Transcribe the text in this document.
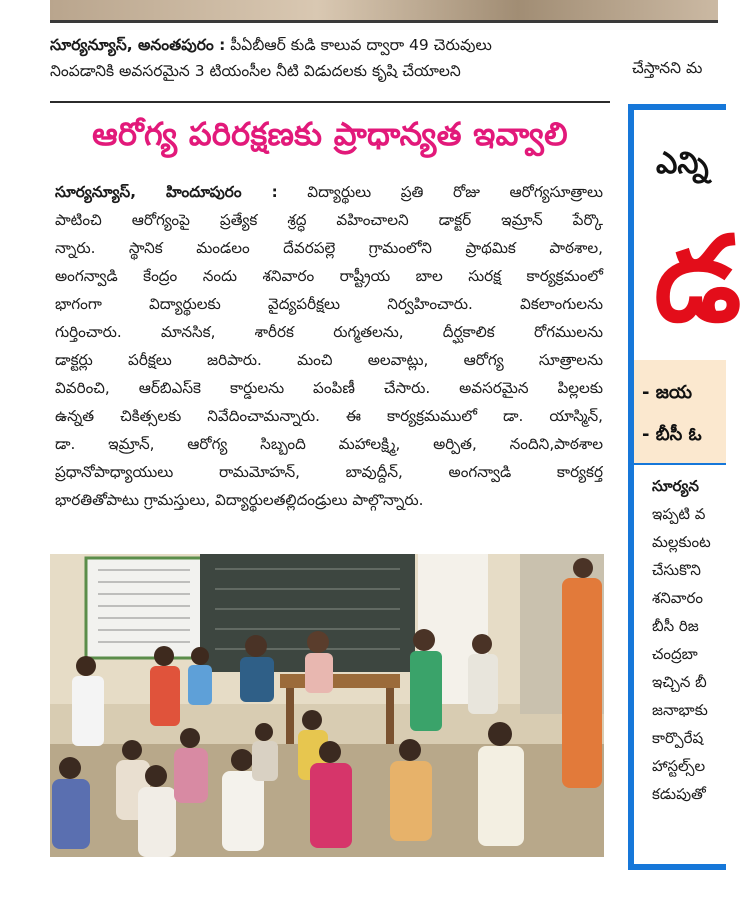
సూర్యన్యూస్, అనంతపురం : పీఏబీఆర్ కుడి కాలువ ద్వారా 49 చెరువులు
నింపడానికి అవసరమైన 3 టియంసీల నీటి విడుదలకు కృషి చేయాలని	చేస్తానని మ
ఆరోగ్య పరిరక్షణకు ప్రాధాన్యత ఇవ్వాలి
సూర్యన్యూస్, హిందూపురం : విద్యార్థులు ప్రతి రోజు ఆరోగ్యసూత్రాలు
పాటించి ఆరోగ్యంపై ప్రత్యేక శ్రద్ధ వహించాలని డాక్టర్ ఇమ్రాన్ పేర్కొ
న్నారు. స్థానిక మండలం దేవరపల్లె గ్రామంలోని ప్రాథమిక పాఠశాల,
అంగన్వాడి కేంద్రం నందు శనివారం రాష్ట్రీయ బాల సురక్ష కార్యక్రమంలో
భాగంగా విద్యార్థులకు వైద్యపరీక్షలు నిర్వహించారు. వికలాంగులను
గుర్తించారు. మానసిక, శారీరక రుగ్మతలను, దీర్ఘకాలిక రోగములను
డాక్టర్లు పరీక్షలు జరిపారు. మంచి అలవాట్లు, ఆరోగ్య సూత్రాలను
వివరించి, ఆర్‌బిఎస్‌కె కార్డులను పంపిణీ చేసారు. అవసరమైన పిల్లలకు
ఉన్నత చికిత్సలకు నివేదించామన్నారు. ఈ కార్యక్రమములో డా. యాస్మిన్,
డా. ఇమ్రాన్, ఆరోగ్య సిబ్బంది మహాలక్ష్మి, అర్పిత, నందిని,పాఠశాల
ప్రధానోపాధ్యాయులు రామమోహన్, బావుద్దీన్, అంగన్వాడి కార్యకర్త
భారతితోపాటు గ్రామస్తులు, విద్యార్థులతల్లిదండ్రులు పాల్గొన్నారు.
ఎన్ని
డ
- జయ
- బీసీ ఓ
సూర్యన
ఇప్పటి వ
మల్లకుంట
చేసుకొని
శనివారం
బీసీ రిజ
చంద్రబా
ఇచ్చిన బీ
జనాభాకు
కార్పొరేష
హాస్టల్స్‌ల
కడుపుతో
